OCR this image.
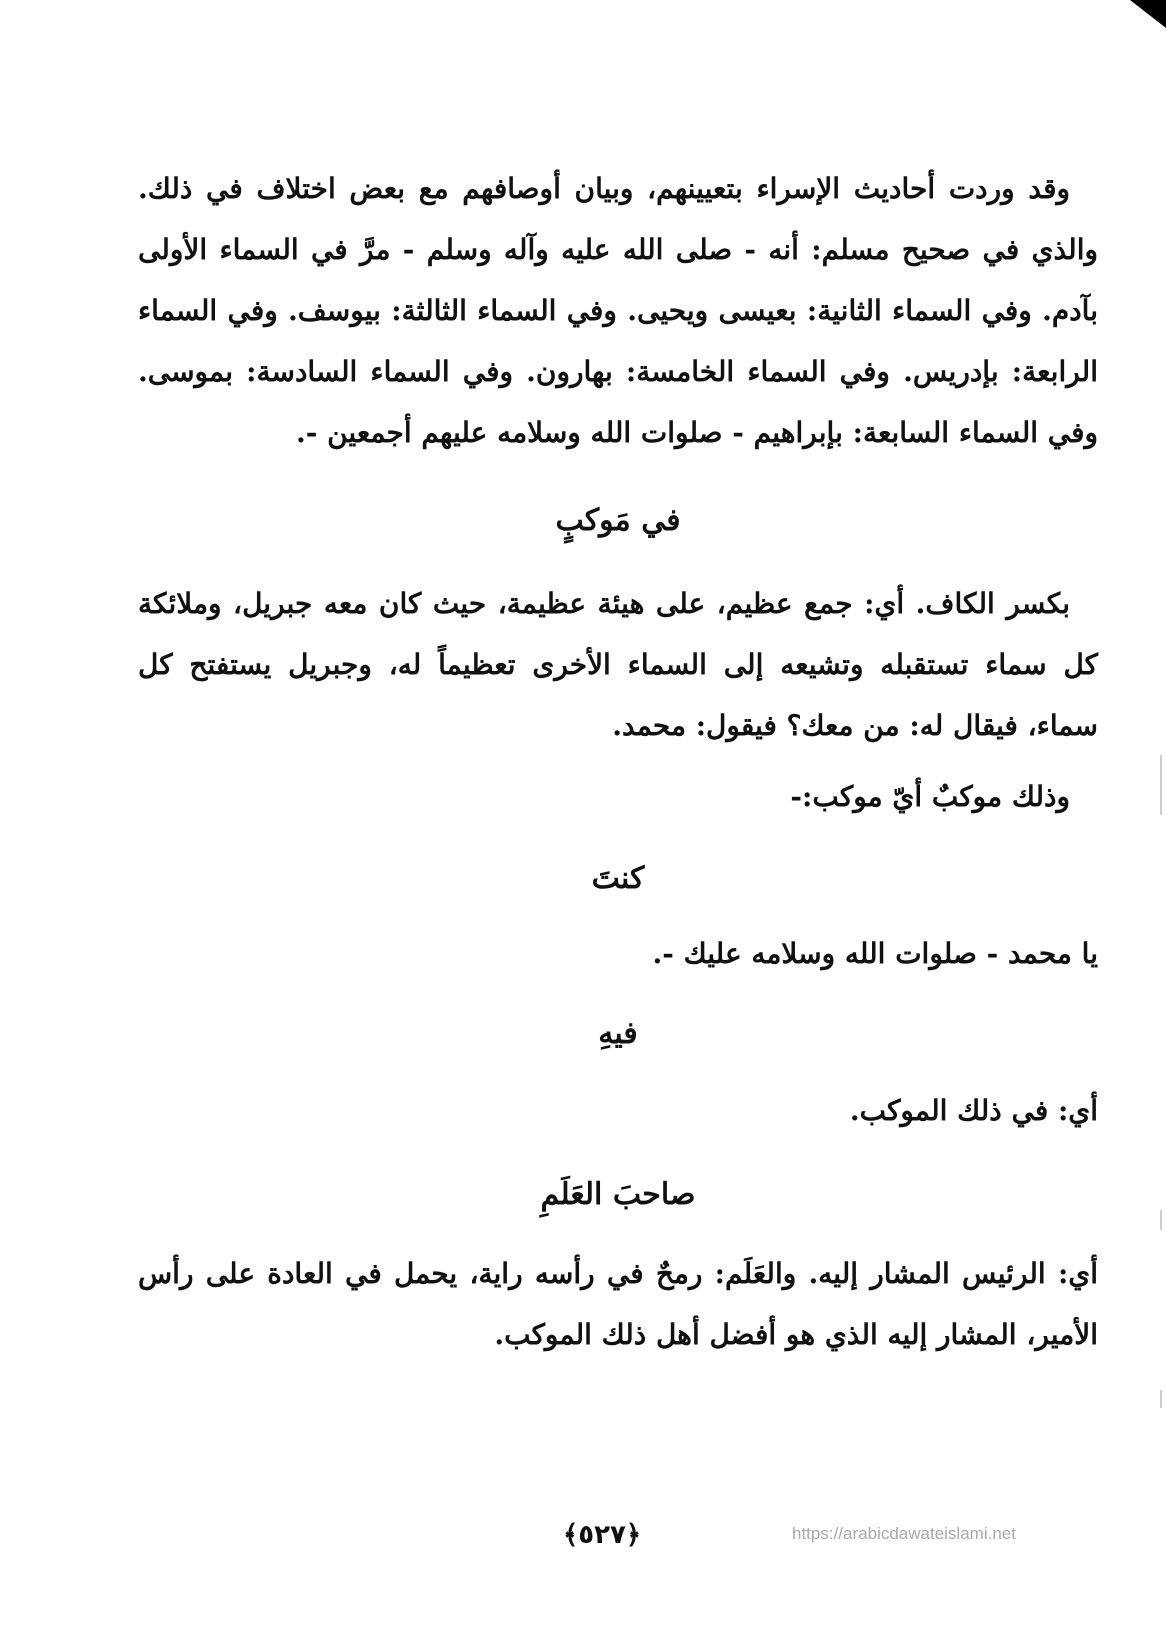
وقد وردت أحاديث الإسراء بتعيينهم، وبيان أوصافهم مع بعض اختلاف في ذلك. والذي في صحيح مسلم: أنه - صلى الله عليه وآله وسلم - مرَّ في السماء الأولى بآدم. وفي السماء الثانية: بعيسى ويحيى. وفي السماء الثالثة: بيوسف. وفي السماء الرابعة: بإدريس. وفي السماء الخامسة: بهارون. وفي السماء السادسة: بموسى. وفي السماء السابعة: بإبراهيم - صلوات الله وسلامه عليهم أجمعين -.

في مَوكبٍ

بكسر الكاف. أي: جمع عظيم، على هيئة عظيمة، حيث كان معه جبريل، وملائكة كل سماء تستقبله وتشيعه إلى السماء الأخرى تعظيماً له، وجبريل يستفتح كل سماء، فيقال له: من معك؟ فيقول: محمد.

وذلك موكبٌ أيّ موكب:-

كنتَ

يا محمد - صلوات الله وسلامه عليك -.

فيهِ

أي: في ذلك الموكب.

صاحبَ العَلَمِ

أي: الرئيس المشار إليه. والعَلَم: رمحٌ في رأسه راية، يحمل في العادة على رأس الأمير، المشار إليه الذي هو أفضل أهل ذلك الموكب.

﴿٥٢٧﴾	https://arabicdawateislami.net
